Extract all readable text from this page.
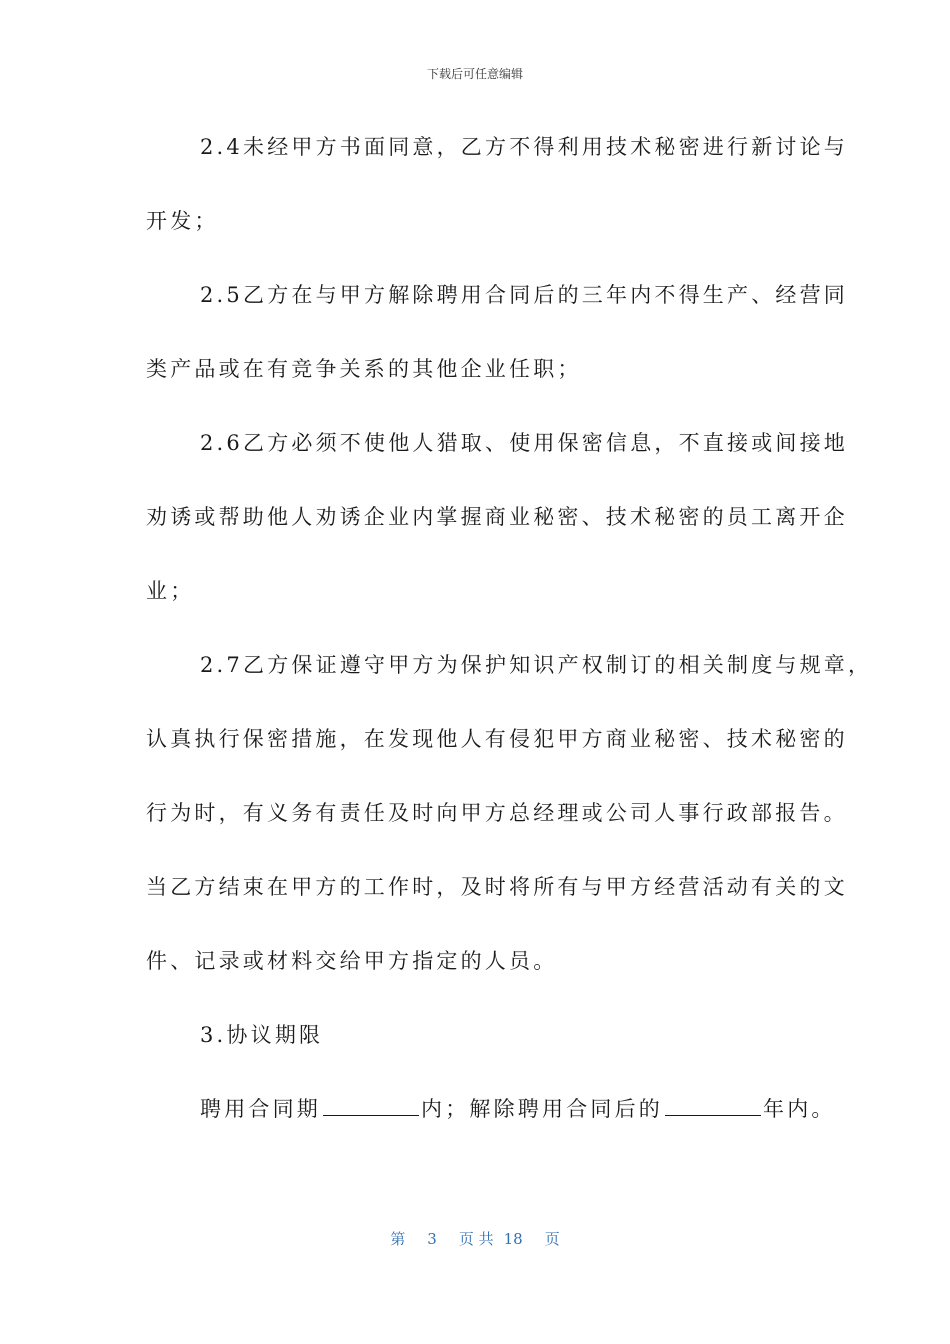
下载后可任意编辑
2.4未经甲方书面同意，乙方不得利用技术秘密进行新讨论与
开发；
2.5乙方在与甲方解除聘用合同后的三年内不得生产、经营同
类产品或在有竞争关系的其他企业任职；
2.6乙方必须不使他人猎取、使用保密信息，不直接或间接地
劝诱或帮助他人劝诱企业内掌握商业秘密、技术秘密的员工离开企
业；
2.7乙方保证遵守甲方为保护知识产权制订的相关制度与规章，
认真执行保密措施，在发现他人有侵犯甲方商业秘密、技术秘密的
行为时，有义务有责任及时向甲方总经理或公司人事行政部报告。
当乙方结束在甲方的工作时，及时将所有与甲方经营活动有关的文
件、记录或材料交给甲方指定的人员。
3.协议期限
聘用合同期	内；解除聘用合同后的	年内。
第 3 页 共 18 页
